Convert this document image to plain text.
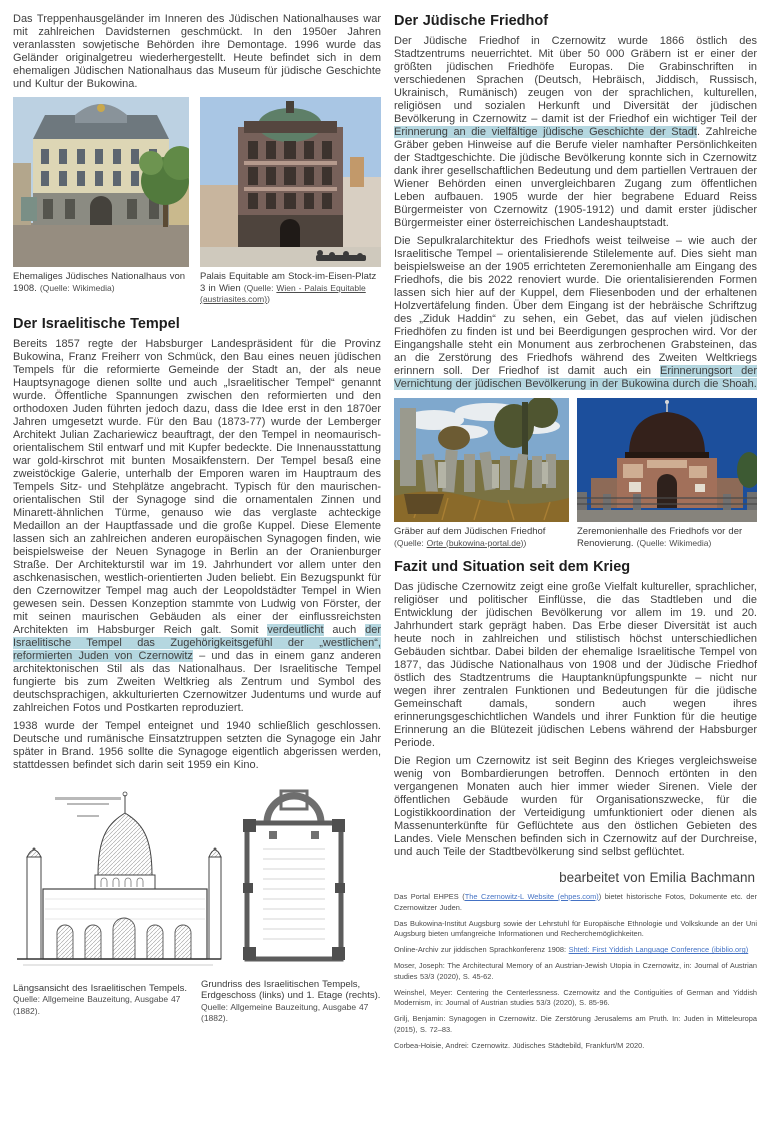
Das Treppenhausgeländer im Inneren des Jüdischen Nationalhauses war mit zahlreichen Davidsternen geschmückt. In den 1950er Jahren veranlassten sowjetische Behörden ihre Demontage. 1996 wurde das Geländer originalgetreu wiederhergestellt. Heute befindet sich in dem ehemaligen Jüdischen Nationalhaus das Museum für jüdische Geschichte und Kultur der Bukowina.

Ehemaliges Jüdisches Nationalhaus von 1908. (Quelle: Wikimedia)
Palais Equitable am Stock-im-Eisen-Platz 3 in Wien (Quelle: Wien - Palais Equitable (austriasites.com))
Der Israelitische Tempel

Bereits 1857 regte der Habsburger Landespräsident für die Provinz Bukowina, Franz Freiherr von Schmück, den Bau eines neuen jüdischen Tempels für die reformierte Gemeinde der Stadt an, der als neue Hauptsynagoge dienen sollte und auch „Israelitischer Tempel“ genannt wurde. Öffentliche Spannungen zwischen den reformierten und den orthodoxen Juden führten jedoch dazu, dass die Idee erst in den 1870er Jahren umgesetzt wurde. Für den Bau (1873-77) wurde der Lemberger Architekt Julian Zachariewicz beauftragt, der den Tempel in neomaurisch-orientalischem Stil entwarf und mit Kupfer bedeckte. Die Innenausstattung war gold-kirschrot mit bunten Mosaikfenstern. Der Tempel besaß eine zweistöckige Galerie, unterhalb der Emporen waren im Hauptraum des Tempels Sitz- und Stehplätze angebracht. Typisch für den maurischen-orientalischen Stil der Synagoge sind die ornamentalen Zinnen und Minarett-ähnlichen Türme, genauso wie das verglaste achteckige Medaillon an der Hauptfassade und die große Kuppel. Diese Elemente lassen sich an zahlreichen anderen europäischen Synagogen finden, wie beispielsweise der Neuen Synagoge in Berlin an der Oranienburger Straße. Der Architekturstil war im 19. Jahrhundert vor allem unter den aschkenasischen, westlich-orientierten Juden beliebt. Ein Bezugspunkt für den Czernowitzer Tempel mag auch der Leopoldstädter Tempel in Wien gewesen sein. Dessen Konzeption stammte von Ludwig von Förster, der mit seinen maurischen Gebäuden als einer der einflussreichsten Architekten im Habsburger Reich galt. Somit verdeutlicht auch der Israelitische Tempel das Zugehörigkeitsgefühl der „westlichen“, reformierten Juden von Czernowitz – und das in einem ganz anderen architektonischen Stil als das Nationalhaus. Der Israelitische Tempel fungierte bis zum Zweiten Weltkrieg als Zentrum und Symbol des deutschsprachigen, akkulturierten Czernowitzer Judentums und wurde auf zahlreichen Fotos und Postkarten reproduziert.

1938 wurde der Tempel enteignet und 1940 schließlich geschlossen. Deutsche und rumänische Einsatztruppen setzten die Synagoge ein Jahr später in Brand. 1956 sollte die Synagoge eigentlich abgerissen werden, stattdessen befindet sich darin seit 1959 ein Kino.

Längsansicht des Israelitischen Tempels. Quelle: Allgemeine Bauzeitung, Ausgabe 47 (1882).
Grundriss des Israelitischen Tempels, Erdgeschoss (links) und 1. Etage (rechts). Quelle: Allgemeine Bauzeitung, Ausgabe 47 (1882).
Der Jüdische Friedhof

Der Jüdische Friedhof in Czernowitz wurde 1866 östlich des Stadtzentrums neuerrichtet. Mit über 50 000 Gräbern ist er einer der größten jüdischen Friedhöfe Europas. Die Grabinschriften in verschiedenen Sprachen (Deutsch, Hebräisch, Jiddisch, Russisch, Ukrainisch, Rumänisch) zeugen von der sprachlichen, kulturellen, religiösen und sozialen Herkunft und Diversität der jüdischen Bevölkerung in Czernowitz – damit ist der Friedhof ein wichtiger Teil der Erinnerung an die vielfältige jüdische Geschichte der Stadt. Zahlreiche Gräber geben Hinweise auf die Berufe vieler namhafter Persönlichkeiten der Stadtgeschichte. Die jüdische Bevölkerung konnte sich in Czernowitz dank ihrer gesellschaftlichen Bedeutung und dem partiellen Vertrauen der Wiener Behörden einen unvergleichbaren Zugang zum öffentlichen Leben aufbauen. 1905 wurde der hier begrabene Eduard Reiss Bürgermeister von Czernowitz (1905-1912) und damit erster jüdischer Bürgermeister einer österreichischen Landeshauptstadt.

Die Sepulkralarchitektur des Friedhofs weist teilweise – wie auch der Israelitische Tempel – orientalisierende Stilelemente auf. Dies sieht man beispielsweise an der 1905 errichteten Zeremonienhalle am Eingang des Friedhofs, die bis 2022 renoviert wurde. Die orientalisierenden Formen lassen sich hier auf der Kuppel, dem Fliesenboden und der erhaltenen Holzvertäfelung finden. Über dem Eingang ist der hebräische Schriftzug des „Ziduk Haddin“ zu sehen, ein Gebet, das auf vielen jüdischen Friedhöfen zu finden ist und bei Beerdigungen gesprochen wird. Vor der Eingangshalle steht ein Monument aus zerbrochenen Grabsteinen, das an die Zerstörung des Friedhofs während des Zweiten Weltkriegs erinnern soll. Der Friedhof ist damit auch ein Erinnerungsort der Vernichtung der jüdischen Bevölkerung in der Bukowina durch die Shoah.

Gräber auf dem Jüdischen Friedhof (Quelle: Orte (bukowina-portal.de))
Zeremonienhalle des Friedhofs vor der Renovierung. (Quelle: Wikimedia)
Fazit und Situation seit dem Krieg

Das jüdische Czernowitz zeigt eine große Vielfalt kultureller, sprachlicher, religiöser und politischer Einflüsse, die das Stadtleben und die Entwicklung der jüdischen Bevölkerung vor allem im 19. und 20. Jahrhundert stark geprägt haben. Das Erbe dieser Diversität ist auch heute noch in zahlreichen und stilistisch höchst unterschiedlichen Gebäuden sichtbar. Dabei bilden der ehemalige Israelitische Tempel von 1877, das Jüdische Nationalhaus von 1908 und der Jüdische Friedhof östlich des Stadtzentrums die Hauptanknüpfungspunkte – nicht nur wegen ihrer zentralen Funktionen und Bedeutungen für die jüdische Gemeinschaft damals, sondern auch wegen ihres erinnerungsgeschichtlichen Wandels und ihrer Funktion für die heutige Erinnerung an die Blütezeit jüdischen Lebens während der Habsburger Periode.

Die Region um Czernowitz ist seit Beginn des Krieges vergleichsweise wenig von Bombardierungen betroffen. Dennoch ertönten in den vergangenen Monaten auch hier immer wieder Sirenen. Viele der öffentlichen Gebäude wurden für Organisationszwecke, für die Logistikkoordination der Verteidigung umfunktioniert oder dienen als Massenunterkünfte für Geflüchtete aus den östlichen Gebieten des Landes. Viele Menschen befinden sich in Czernowitz auf der Durchreise, und auch Teile der Stadtbevölkerung sind selbst geflüchtet.

bearbeitet von Emilia Bachmann

Das Portal EHPES (The Czernowitz-L Website (ehpes.com)) bietet historische Fotos, Dokumente etc. der Czernowitzer Juden.

Das Bukowina-Institut Augsburg sowie der Lehrstuhl für Europäische Ethnologie und Volkskunde an der Uni Augsburg bieten umfangreiche Informationen und Recherchemöglichkeiten.

Online-Archiv zur jiddischen Sprachkonferenz 1908: Shtetl: First Yiddish Language Conference (ibiblio.org)

Moser, Joseph: The Architectural Memory of an Austrian-Jewish Utopia in Czernowitz, in: Journal of Austrian studies 53/3 (2020), S. 45-62.

Weinshel, Meyer: Centering the Centerlessness. Czernowitz and the Contiguities of German and Yiddish Modernism, in: Journal of Austrian studies 53/3 (2020), S. 85-96.

Grilj, Benjamin: Synagogen in Czernowitz. Die Zerstörung Jerusalems am Pruth. In: Juden in Mitteleuropa (2015), S. 72–83.

Corbea-Hoisie, Andrei: Czernowitz. Jüdisches Städtebild, Frankfurt/M 2020.
